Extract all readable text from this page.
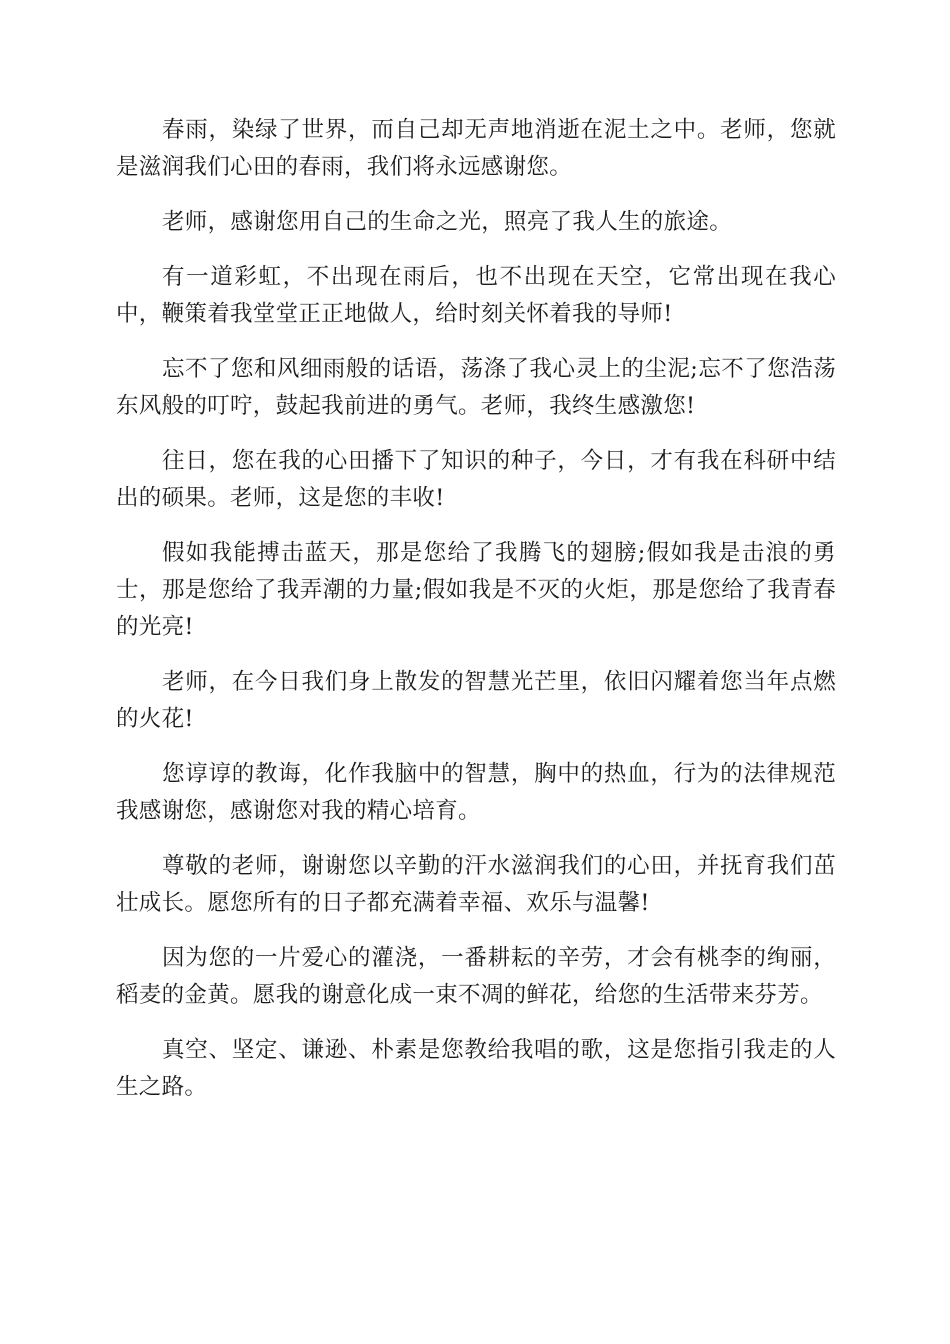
春雨，染绿了世界，而自己却无声地消逝在泥土之中。老师，您就是滋润我们心田的春雨，我们将永远感谢您。

老师，感谢您用自己的生命之光，照亮了我人生的旅途。

有一道彩虹，不出现在雨后，也不出现在天空，它常出现在我心中，鞭策着我堂堂正正地做人，给时刻关怀着我的导师!

忘不了您和风细雨般的话语，荡涤了我心灵上的尘泥;忘不了您浩荡东风般的叮咛，鼓起我前进的勇气。老师，我终生感激您!

往日，您在我的心田播下了知识的种子，今日，才有我在科研中结出的硕果。老师，这是您的丰收!

假如我能搏击蓝天，那是您给了我腾飞的翅膀;假如我是击浪的勇士，那是您给了我弄潮的力量;假如我是不灭的火炬，那是您给了我青春的光亮!

老师，在今日我们身上散发的智慧光芒里，依旧闪耀着您当年点燃的火花!

您谆谆的教诲，化作我脑中的智慧，胸中的热血，行为的法律规范我感谢您，感谢您对我的精心培育。

尊敬的老师，谢谢您以辛勤的汗水滋润我们的心田，并抚育我们茁壮成长。愿您所有的日子都充满着幸福、欢乐与温馨!

因为您的一片爱心的灌浇，一番耕耘的辛劳，才会有桃李的绚丽，稻麦的金黄。愿我的谢意化成一束不凋的鲜花，给您的生活带来芬芳。

真空、坚定、谦逊、朴素是您教给我唱的歌，这是您指引我走的人生之路。
